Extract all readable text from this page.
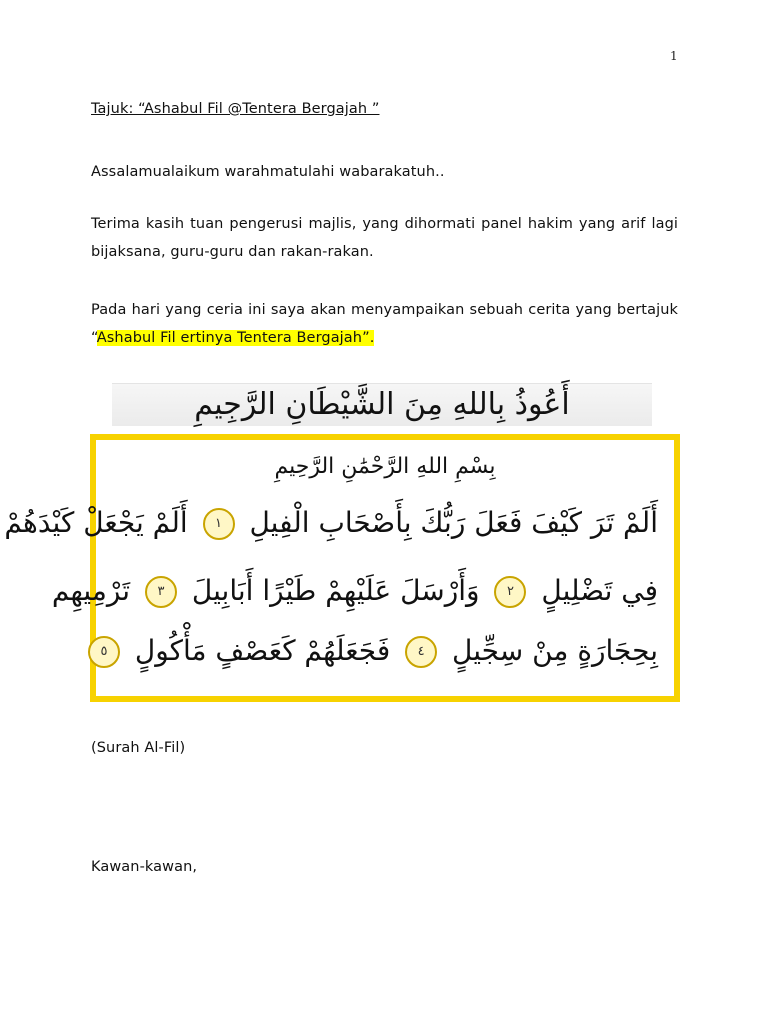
1
Tajuk: “Ashabul Fil @Tentera Bergajah ”
Assalamualaikum warahmatulahi wabarakatuh..
Terima kasih tuan pengerusi majlis, yang dihormati panel hakim yang arif lagi bijaksana, guru-guru dan rakan-rakan.
Pada hari yang ceria ini saya akan menyampaikan sebuah cerita yang bertajuk “Ashabul Fil ertinya Tentera Bergajah”.
أَعُوذُ بِاللهِ مِنَ الشَّيْطَانِ الرَّجِيمِ
بِسْمِ اللهِ الرَّحْمَٰنِ الرَّحِيمِ
أَلَمْ تَرَ كَيْفَ فَعَلَ رَبُّكَ بِأَصْحَابِ الْفِيلِ ١ أَلَمْ يَجْعَلْ كَيْدَهُمْ
فِي تَضْلِيلٍ ٢ وَأَرْسَلَ عَلَيْهِمْ طَيْرًا أَبَابِيلَ ٣ تَرْمِيهِم
بِحِجَارَةٍ مِنْ سِجِّيلٍ ٤ فَجَعَلَهُمْ كَعَصْفٍ مَأْكُولٍ ٥
(Surah Al-Fil)
Kawan-kawan,
